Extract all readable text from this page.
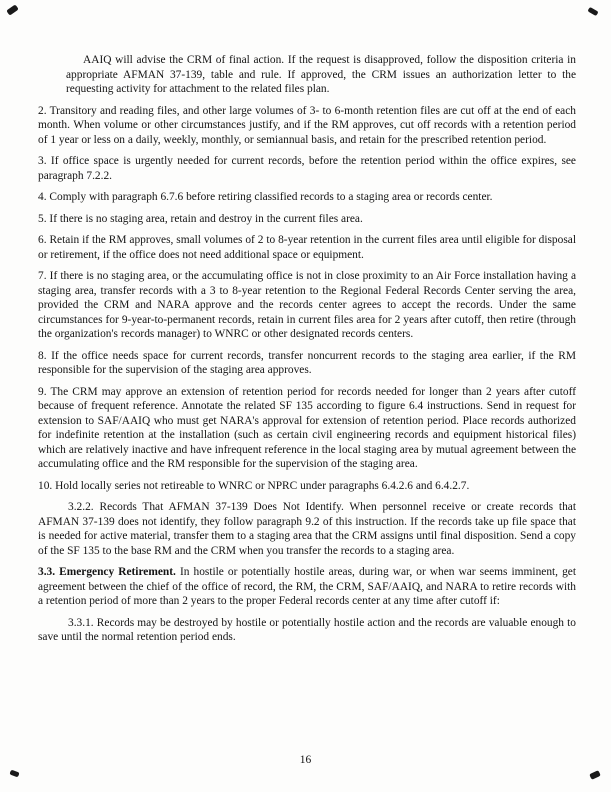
AAIQ will advise the CRM of final action. If the request is disapproved, follow the disposition criteria in appropriate AFMAN 37-139, table and rule. If approved, the CRM issues an authorization letter to the requesting activity for attachment to the related files plan.

2. Transitory and reading files, and other large volumes of 3- to 6-month retention files are cut off at the end of each month. When volume or other circumstances justify, and if the RM approves, cut off records with a retention period of 1 year or less on a daily, weekly, monthly, or semiannual basis, and retain for the prescribed retention period.

3. If office space is urgently needed for current records, before the retention period within the office expires, see paragraph 7.2.2.

4. Comply with paragraph 6.7.6 before retiring classified records to a staging area or records center.

5. If there is no staging area, retain and destroy in the current files area.

6. Retain if the RM approves, small volumes of 2 to 8-year retention in the current files area until eligible for disposal or retirement, if the office does not need additional space or equipment.

7. If there is no staging area, or the accumulating office is not in close proximity to an Air Force installation having a staging area, transfer records with a 3 to 8-year retention to the Regional Federal Records Center serving the area, provided the CRM and NARA approve and the records center agrees to accept the records. Under the same circumstances for 9-year-to-permanent records, retain in current files area for 2 years after cutoff, then retire (through the organization's records manager) to WNRC or other designated records centers.

8. If the office needs space for current records, transfer noncurrent records to the staging area earlier, if the RM responsible for the supervision of the staging area approves.

9. The CRM may approve an extension of retention period for records needed for longer than 2 years after cutoff because of frequent reference. Annotate the related SF 135 according to figure 6.4 instructions. Send in request for extension to SAF/AAIQ who must get NARA's approval for extension of retention period. Place records authorized for indefinite retention at the installation (such as certain civil engineering records and equipment historical files) which are relatively inactive and have infrequent reference in the local staging area by mutual agreement between the accumulating office and the RM responsible for the supervision of the staging area.

10. Hold locally series not retireable to WNRC or NPRC under paragraphs 6.4.2.6 and 6.4.2.7.

3.2.2. Records That AFMAN 37-139 Does Not Identify. When personnel receive or create records that AFMAN 37-139 does not identify, they follow paragraph 9.2 of this instruction. If the records take up file space that is needed for active material, transfer them to a staging area that the CRM assigns until final disposition. Send a copy of the SF 135 to the base RM and the CRM when you transfer the records to a staging area.

3.3. Emergency Retirement. In hostile or potentially hostile areas, during war, or when war seems imminent, get agreement between the chief of the office of record, the RM, the CRM, SAF/AAIQ, and NARA to retire records with a retention period of more than 2 years to the proper Federal records center at any time after cutoff if:

3.3.1. Records may be destroyed by hostile or potentially hostile action and the records are valuable enough to save until the normal retention period ends.

16
